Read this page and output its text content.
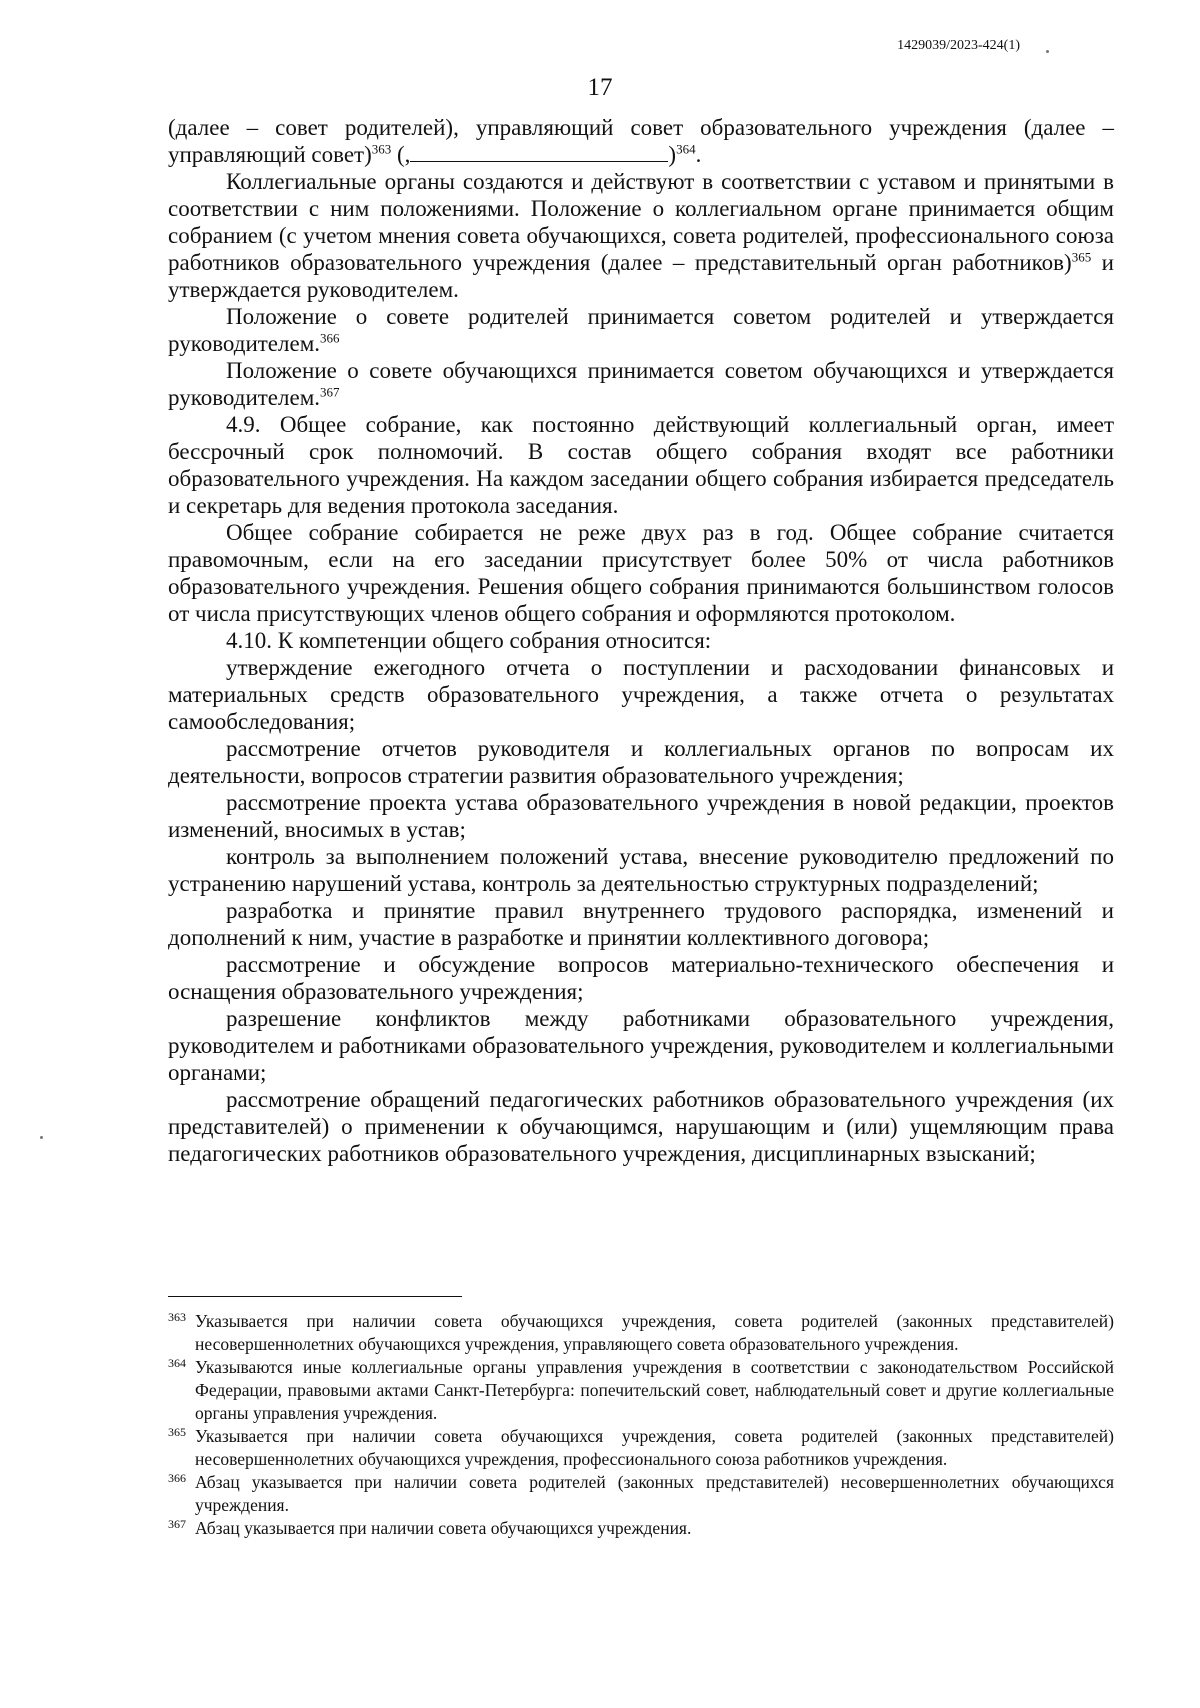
1429039/2023-424(1)
17

(далее – совет родителей), управляющий совет образовательного учреждения (далее – управляющий совет)$^{363}$ (,	)$^{364}$.

Коллегиальные органы создаются и действуют в соответствии с уставом и принятыми в соответствии с ним положениями. Положение о коллегиальном органе принимается общим собранием (с учетом мнения совета обучающихся, совета родителей, профессионального союза работников образовательного учреждения (далее – представительный орган работников)$^{365}$ и утверждается руководителем.

Положение о совете родителей принимается советом родителей и утверждается руководителем.$^{366}$

Положение о совете обучающихся принимается советом обучающихся и утверждается руководителем.$^{367}$

4.9. Общее собрание, как постоянно действующий коллегиальный орган, имеет бессрочный срок полномочий. В состав общего собрания входят все работники образовательного учреждения. На каждом заседании общего собрания избирается председатель и секретарь для ведения протокола заседания.

Общее собрание собирается не реже двух раз в год. Общее собрание считается правомочным, если на его заседании присутствует более 50% от числа работников образовательного учреждения. Решения общего собрания принимаются большинством голосов от числа присутствующих членов общего собрания и оформляются протоколом.

4.10. К компетенции общего собрания относится:

утверждение ежегодного отчета о поступлении и расходовании финансовых и материальных средств образовательного учреждения, а также отчета о результатах самообследования;

рассмотрение отчетов руководителя и коллегиальных органов по вопросам их деятельности, вопросов стратегии развития образовательного учреждения;

рассмотрение проекта устава образовательного учреждения в новой редакции, проектов изменений, вносимых в устав;

контроль за выполнением положений устава, внесение руководителю предложений по устранению нарушений устава, контроль за деятельностью структурных подразделений;

разработка и принятие правил внутреннего трудового распорядка, изменений и дополнений к ним, участие в разработке и принятии коллективного договора;

рассмотрение и обсуждение вопросов материально-технического обеспечения и оснащения образовательного учреждения;

разрешение конфликтов между работниками образовательного учреждения, руководителем и работниками образовательного учреждения, руководителем и коллегиальными органами;

рассмотрение обращений педагогических работников образовательного учреждения (их представителей) о применении к обучающимся, нарушающим и (или) ущемляющим права педагогических работников образовательного учреждения, дисциплинарных взысканий;

363 Указывается при наличии совета обучающихся учреждения, совета родителей (законных представителей) несовершеннолетних обучающихся учреждения, управляющего совета образовательного учреждения.

364 Указываются иные коллегиальные органы управления учреждения в соответствии с законодательством Российской Федерации, правовыми актами Санкт-Петербурга: попечительский совет, наблюдательный совет и другие коллегиальные органы управления учреждения.

365 Указывается при наличии совета обучающихся учреждения, совета родителей (законных представителей) несовершеннолетних обучающихся учреждения, профессионального союза работников учреждения.

366 Абзац указывается при наличии совета родителей (законных представителей) несовершеннолетних обучающихся учреждения.

367 Абзац указывается при наличии совета обучающихся учреждения.
